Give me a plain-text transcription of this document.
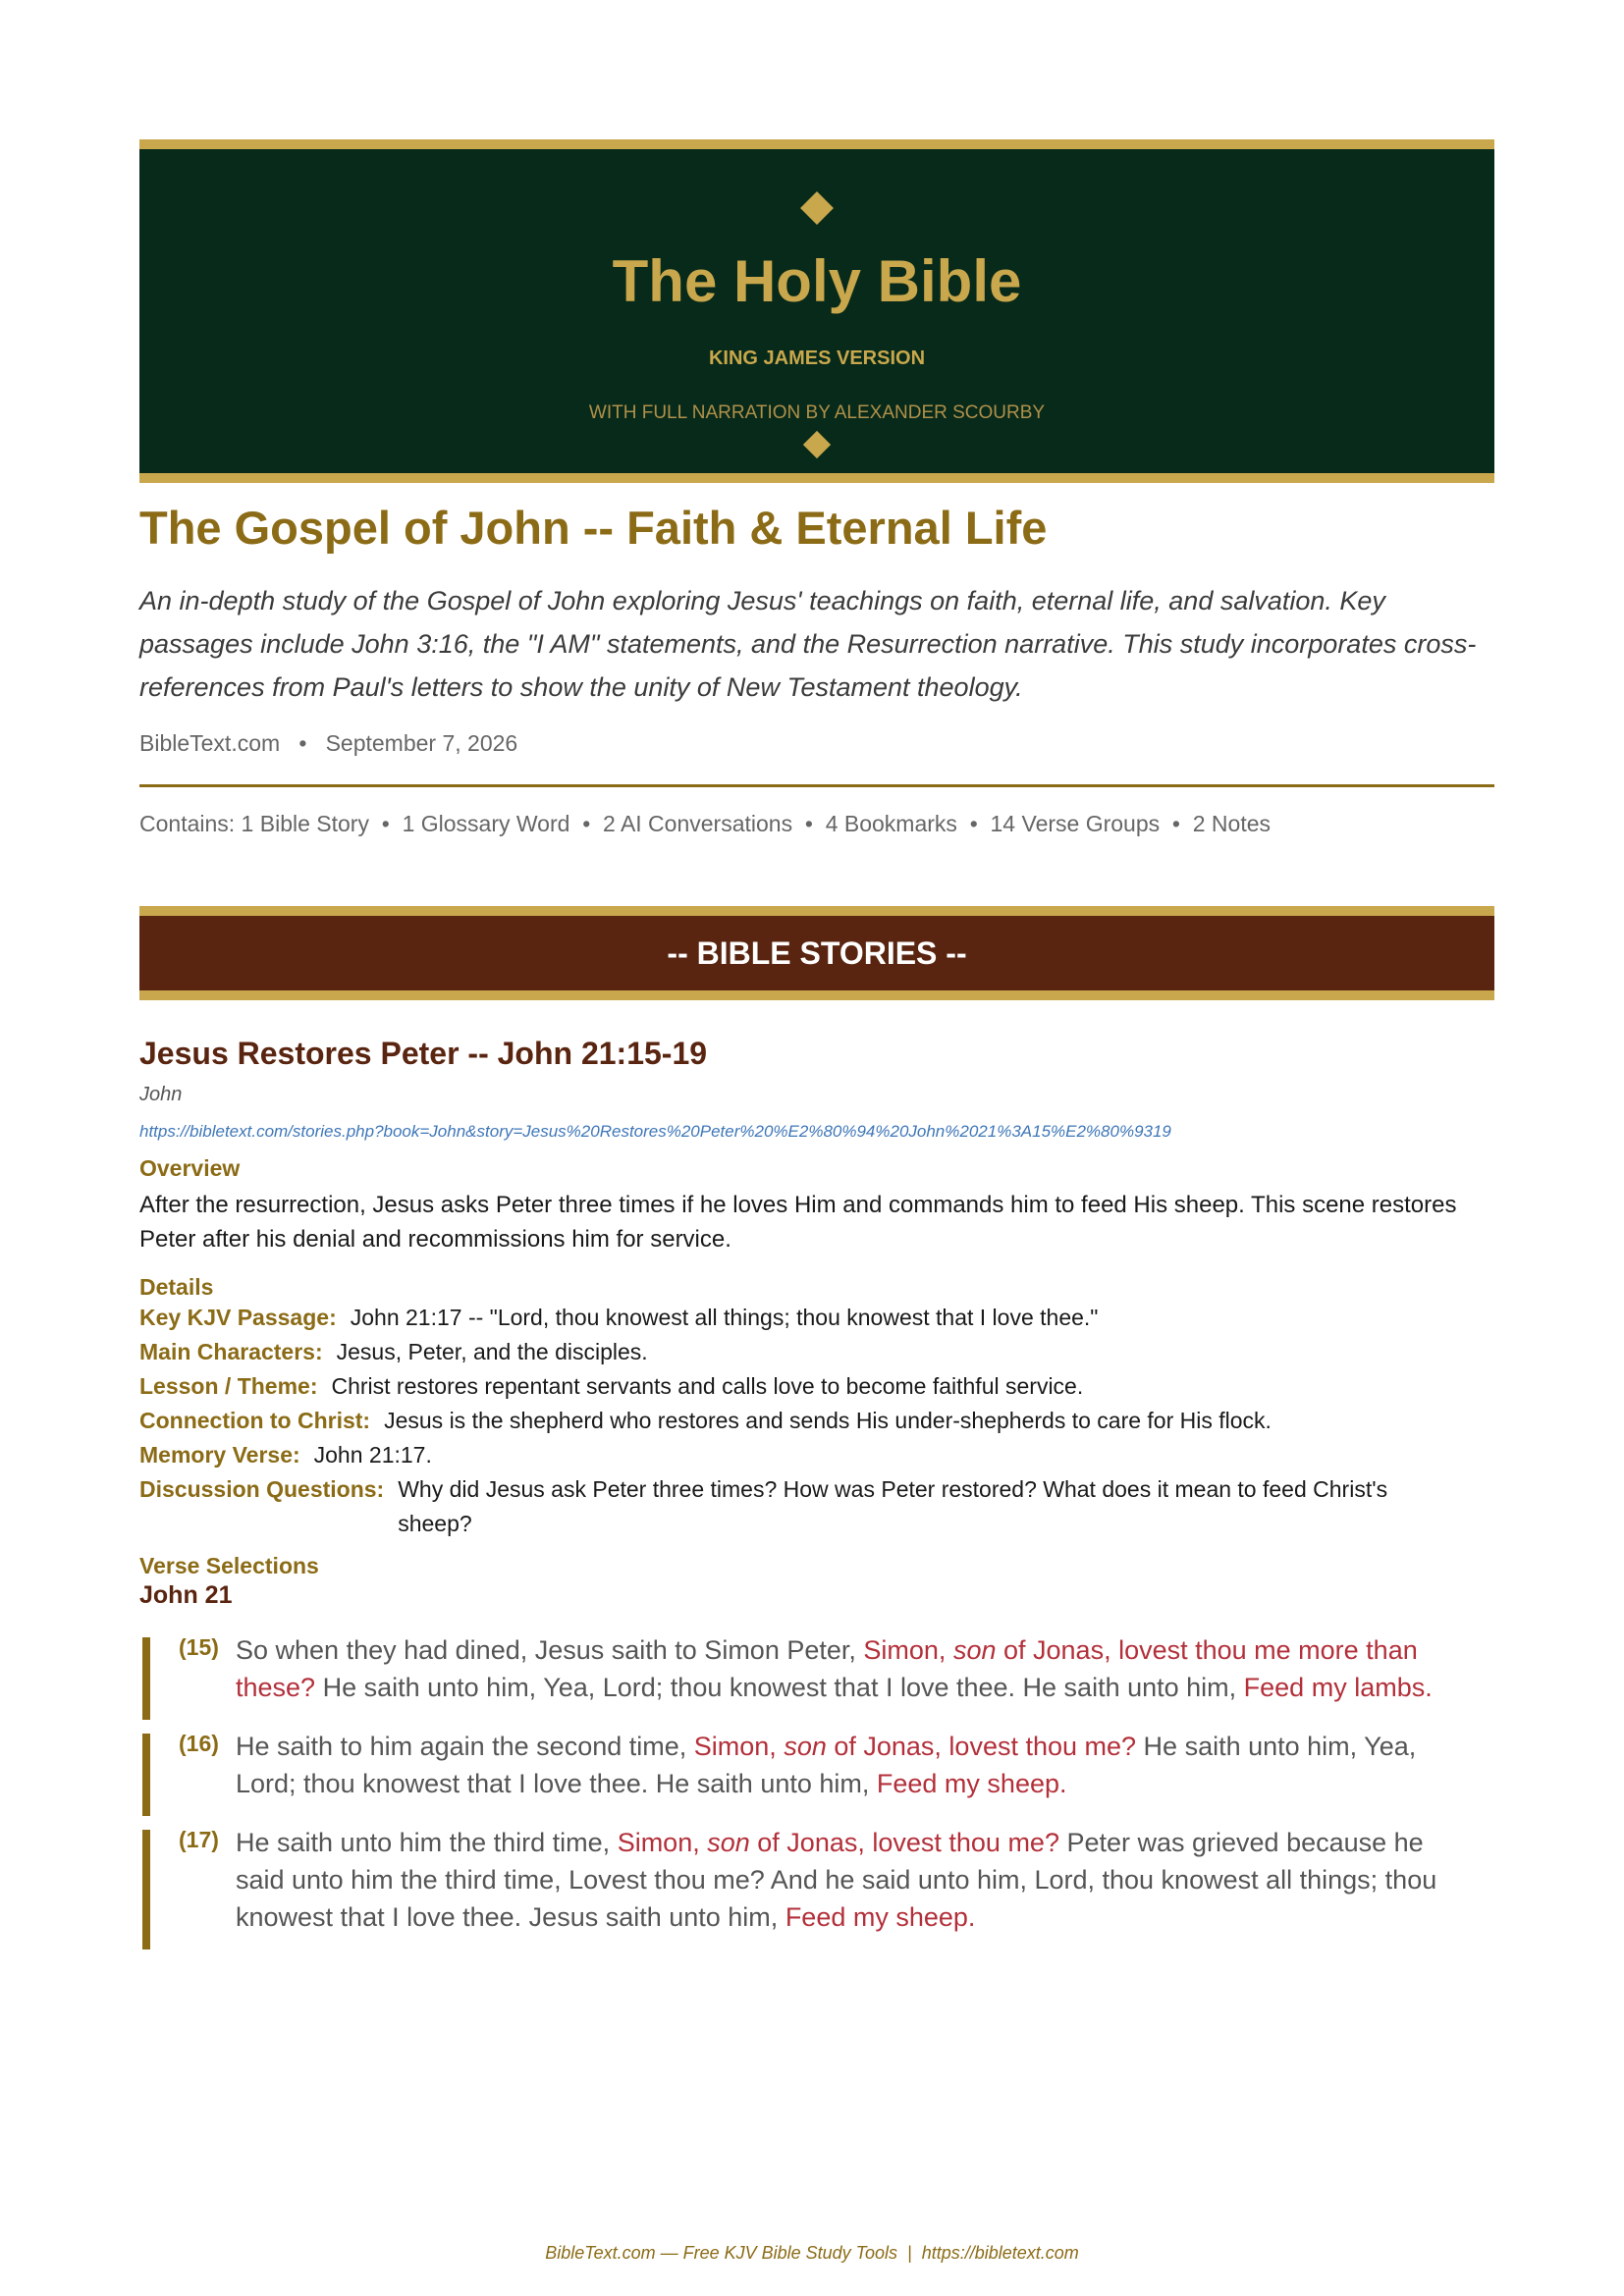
The Holy Bible
KING JAMES VERSION
WITH FULL NARRATION BY ALEXANDER SCOURBY
The Gospel of John -- Faith & Eternal Life
An in-depth study of the Gospel of John exploring Jesus' teachings on faith, eternal life, and salvation. Key passages include John 3:16, the "I AM" statements, and the Resurrection narrative. This study incorporates cross-references from Paul's letters to show the unity of New Testament theology.
BibleText.com   •   September 7, 2026
Contains: 1 Bible Story  •  1 Glossary Word  •  2 AI Conversations  •  4 Bookmarks  •  14 Verse Groups  •  2 Notes
-- BIBLE STORIES --
Jesus Restores Peter -- John 21:15-19
John
https://bibletext.com/stories.php?book=John&story=Jesus%20Restores%20Peter%20%E2%80%94%20John%2021%3A15%E2%80%9319
Overview
After the resurrection, Jesus asks Peter three times if he loves Him and commands him to feed His sheep. This scene restores Peter after his denial and recommissions him for service.
Details
Key KJV Passage: John 21:17 -- "Lord, thou knowest all things; thou knowest that I love thee."
Main Characters: Jesus, Peter, and the disciples.
Lesson / Theme: Christ restores repentant servants and calls love to become faithful service.
Connection to Christ: Jesus is the shepherd who restores and sends His under-shepherds to care for His flock.
Memory Verse: John 21:17.
Discussion Questions: Why did Jesus ask Peter three times? How was Peter restored? What does it mean to feed Christ's sheep?
Verse Selections
John 21
(15) So when they had dined, Jesus saith to Simon Peter, Simon, son of Jonas, lovest thou me more than these? He saith unto him, Yea, Lord; thou knowest that I love thee. He saith unto him, Feed my lambs.
(16) He saith to him again the second time, Simon, son of Jonas, lovest thou me? He saith unto him, Yea, Lord; thou knowest that I love thee. He saith unto him, Feed my sheep.
(17) He saith unto him the third time, Simon, son of Jonas, lovest thou me? Peter was grieved because he said unto him the third time, Lovest thou me? And he said unto him, Lord, thou knowest all things; thou knowest that I love thee. Jesus saith unto him, Feed my sheep.
BibleText.com — Free KJV Bible Study Tools  |  https://bibletext.com
